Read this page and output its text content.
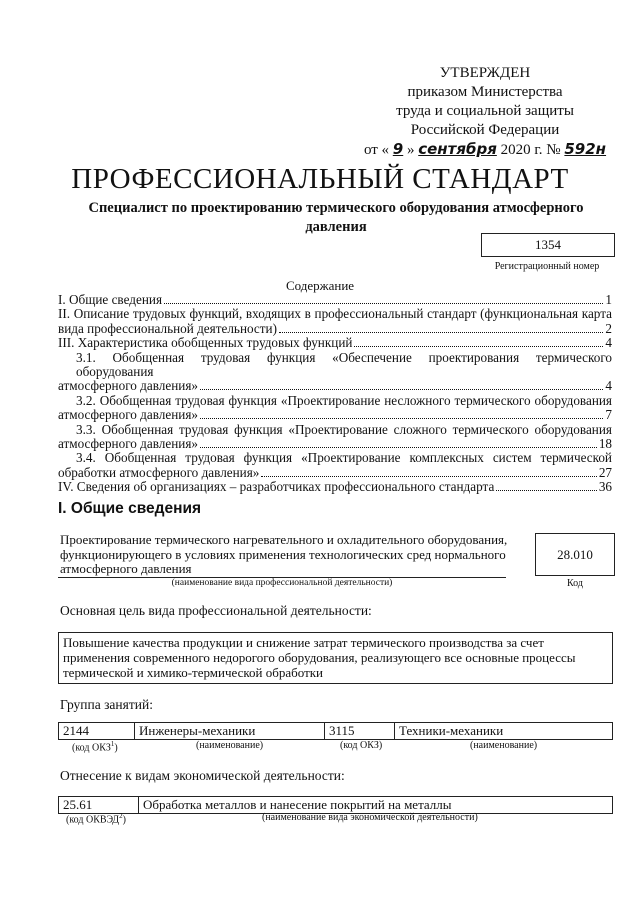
УТВЕРЖДЕН
приказом Министерства
труда и социальной защиты
Российской Федерации
от « 9 » сентября 2020 г. № 592н
ПРОФЕССИОНАЛЬНЫЙ СТАНДАРТ
Специалист по проектированию термического оборудования атмосферного давления
1354
Регистрационный номер
Содержание
I. Общие сведения	1
II. Описание трудовых функций, входящих в профессиональный стандарт (функциональная карта
вида профессиональной деятельности)	2
III. Характеристика обобщенных трудовых функций	4
3.1. Обобщенная трудовая функция «Обеспечение проектирования термического оборудования
атмосферного давления»	4
3.2. Обобщенная трудовая функция «Проектирование несложного термического оборудования
атмосферного давления»	7
3.3. Обобщенная трудовая функция «Проектирование сложного термического оборудования
атмосферного давления»	18
3.4. Обобщенная трудовая функция «Проектирование комплексных систем термической
обработки атмосферного давления»	27
IV. Сведения об организациях – разработчиках профессионального стандарта	36
I. Общие сведения
Проектирование термического нагревательного и охладительного оборудования, функционирующего в условиях применения технологических сред нормального атмосферного давления
(наименование вида профессиональной деятельности)
28.010
Код
Основная цель вида профессиональной деятельности:
Повышение качества продукции и снижение затрат термического производства за счет применения современного недорогого оборудования, реализующего все основные процессы термической и химико-термической обработки
Группа занятий:
2144	Инженеры-механики	3115	Техники-механики
(код ОКЗ$^1$)	(наименование)	(код ОКЗ)	(наименование)
Отнесение к видам экономической деятельности:
25.61	Обработка металлов и нанесение покрытий на металлы
(код ОКВЭД$^2$)	(наименование вида экономической деятельности)
